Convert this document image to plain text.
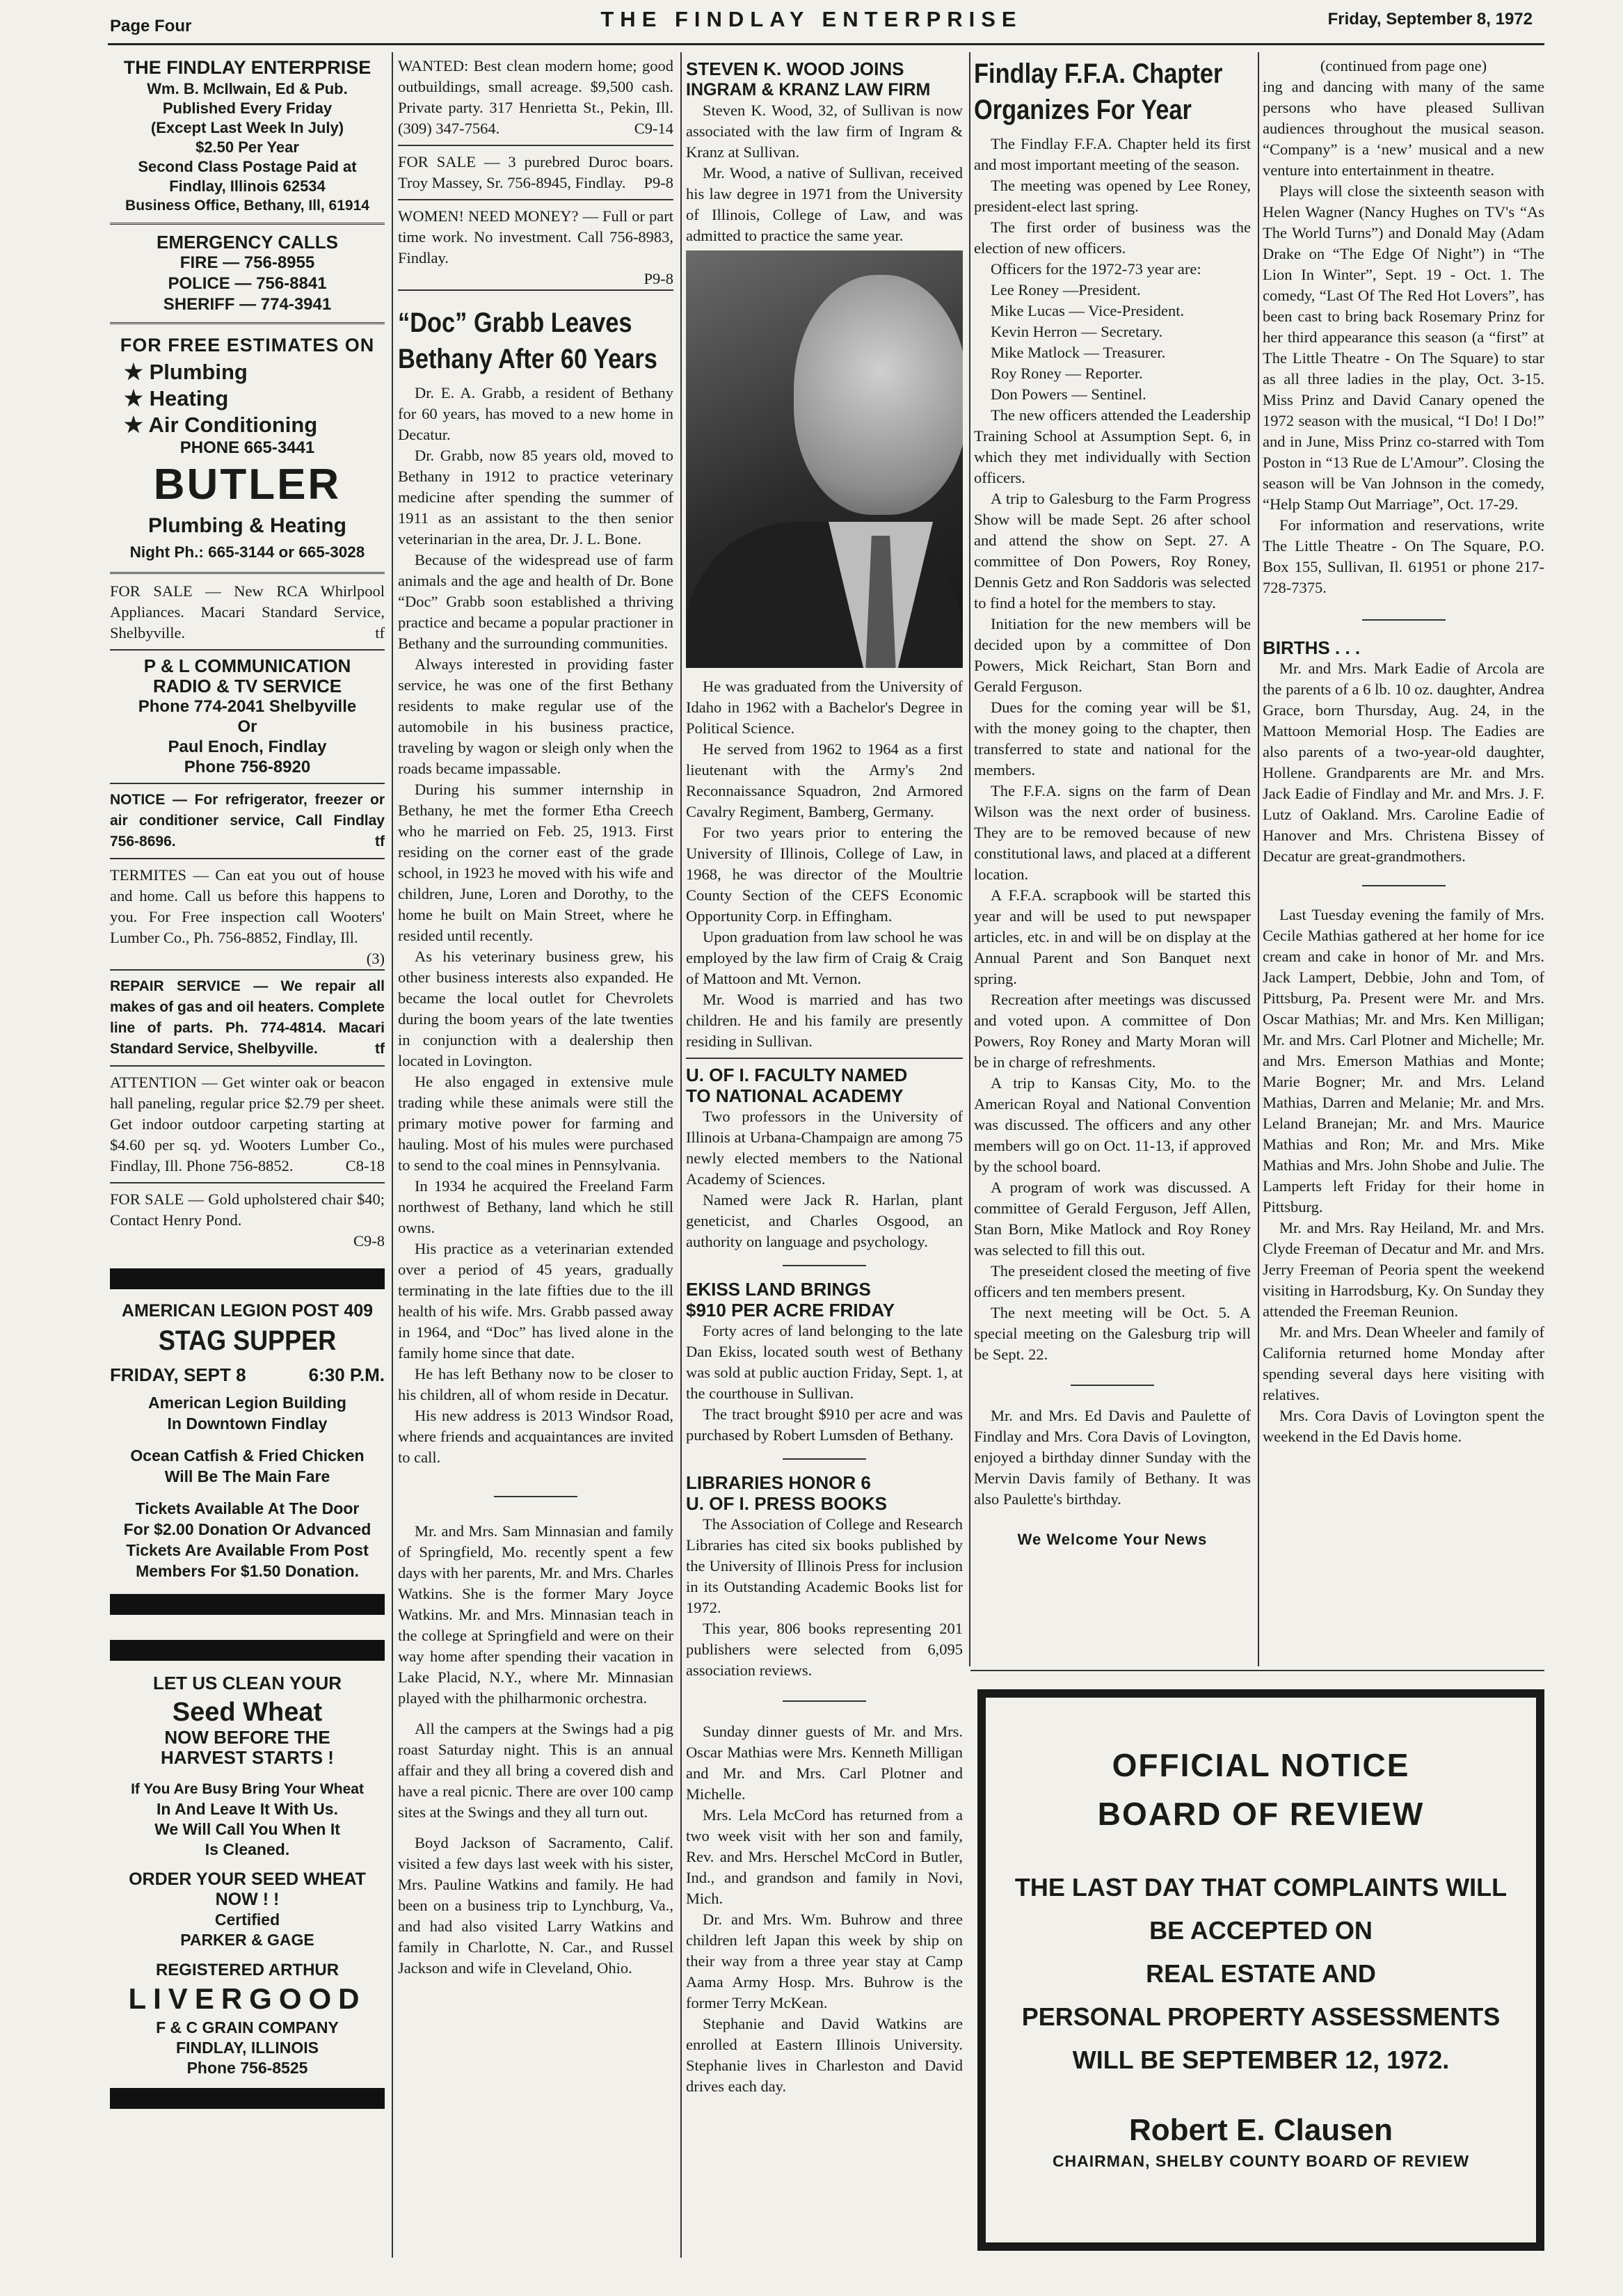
Page Four	THE FINDLAY ENTERPRISE	Friday, September 8, 1972
THE FINDLAY ENTERPRISE
Wm. B. McIlwain, Ed & Pub.
Published Every Friday
(Except Last Week In July)
$2.50 Per Year
Second Class Postage Paid at
Findlay, Illinois 62534
Business Office, Bethany, Ill, 61914
EMERGENCY CALLS
FIRE — 756-8955
POLICE — 756-8841
SHERIFF — 774-3941
FOR FREE ESTIMATES ON
★ Plumbing
★ Heating
★ Air Conditioning
PHONE 665-3441
BUTLER
Plumbing & Heating
Night Ph.: 665-3144 or 665-3028

FOR SALE — New RCA Whirlpool Appliances. Macari Standard Service, Shelbyville.	tf

P & L COMMUNICATION
RADIO & TV SERVICE
Phone 774-2041 Shelbyville
Or
Paul Enoch, Findlay
Phone 756-8920

NOTICE — For refrigerator, freezer or air conditioner service, Call Findlay 756-8696.	tf

TERMITES — Can eat you out of house and home. Call us before this happens to you. For Free inspection call Wooters' Lumber Co., Ph. 756-8852, Findlay, Ill.

(3)

REPAIR SERVICE — We repair all makes of gas and oil heaters. Complete line of parts. Ph. 774-4814. Macari Standard Service, Shelbyville.	tf

ATTENTION — Get winter oak or beacon hall paneling, regular price $2.79 per sheet. Get indoor outdoor carpeting starting at $4.60 per sq. yd. Wooters Lumber Co., Findlay, Ill. Phone 756-8852.	C8-18

FOR SALE — Gold upholstered chair $40; Contact Henry Pond.

C9-8

AMERICAN LEGION POST 409
STAG SUPPER
FRIDAY, SEPT 8	6:30 P.M.
American Legion Building
In Downtown Findlay
Ocean Catfish & Fried Chicken
Will Be The Main Fare
Tickets Available At The Door
For $2.00 Donation Or Advanced
Tickets Are Available From Post
Members For $1.50 Donation.
LET US CLEAN YOUR
Seed Wheat
NOW BEFORE THE
HARVEST STARTS !
If You Are Busy Bring Your Wheat
In And Leave It With Us.
We Will Call You When It
Is Cleaned.
ORDER YOUR SEED WHEAT
NOW ! !
Certified
PARKER & GAGE
REGISTERED ARTHUR
LIVERGOOD
F & C GRAIN COMPANY
FINDLAY, ILLINOIS
Phone 756-8525

WANTED: Best clean modern home; good outbuildings, small acreage. $9,500 cash. Private party. 317 Henrietta St., Pekin, Ill. (309) 347-7564.	C9-14

FOR SALE — 3 purebred Duroc boars. Troy Massey, Sr. 756-8945, Findlay. P9-8

WOMEN! NEED MONEY? — Full or part time work. No investment. Call 756-8983, Findlay.

P9-8

“Doc” Grabb Leaves
Bethany After 60 Years

Dr. E. A. Grabb, a resident of Bethany for 60 years, has moved to a new home in Decatur.

Dr. Grabb, now 85 years old, moved to Bethany in 1912 to practice veterinary medicine after spending the summer of 1911 as an assistant to the then senior veterinarian in the area, Dr. J. L. Bone.

Because of the widespread use of farm animals and the age and health of Dr. Bone “Doc” Grabb soon established a thriving practice and became a popular practioner in Bethany and the surrounding communities.

Always interested in providing faster service, he was one of the first Bethany residents to make regular use of the automobile in his business practice, traveling by wagon or sleigh only when the roads became impassable.

During his summer internship in Bethany, he met the former Etha Creech who he married on Feb. 25, 1913. First residing on the corner east of the grade school, in 1923 he moved with his wife and children, June, Loren and Dorothy, to the home he built on Main Street, where he resided until recently.

As his veterinary business grew, his other business interests also expanded. He became the local outlet for Chevrolets during the boom years of the late twenties in conjunction with a dealership then located in Lovington.

He also engaged in extensive mule trading while these animals were still the primary motive power for farming and hauling. Most of his mules were purchased to send to the coal mines in Pennsylvania.

In 1934 he acquired the Freeland Farm northwest of Bethany, land which he still owns.

His practice as a veterinarian extended over a period of 45 years, gradually terminating in the late fifties due to the ill health of his wife. Mrs. Grabb passed away in 1964, and “Doc” has lived alone in the family home since that date.

He has left Bethany now to be closer to his children, all of whom reside in Decatur.

His new address is 2013 Windsor Road, where friends and acquaintances are invited to call.

Mr. and Mrs. Sam Minnasian and family of Springfield, Mo. recently spent a few days with her parents, Mr. and Mrs. Charles Watkins. She is the former Mary Joyce Watkins. Mr. and Mrs. Minnasian teach in the college at Springfield and were on their way home after spending their vacation in Lake Placid, N.Y., where Mr. Minnasian played with the philharmonic orchestra.

All the campers at the Swings had a pig roast Saturday night. This is an annual affair and they all bring a covered dish and have a real picnic. There are over 100 camp sites at the Swings and they all turn out.

Boyd Jackson of Sacramento, Calif. visited a few days last week with his sister, Mrs. Pauline Watkins and family. He had been on a business trip to Lynchburg, Va., and had also visited Larry Watkins and family in Charlotte, N. Car., and Russel Jackson and wife in Cleveland, Ohio.

STEVEN K. WOOD JOINS
INGRAM & KRANZ LAW FIRM

Steven K. Wood, 32, of Sullivan is now associated with the law firm of Ingram & Kranz at Sullivan.

Mr. Wood, a native of Sullivan, received his law degree in 1971 from the University of Illinois, College of Law, and was admitted to practice the same year.

He was graduated from the University of Idaho in 1962 with a Bachelor's Degree in Political Science.

He served from 1962 to 1964 as a first lieutenant with the Army's 2nd Reconnaissance Squadron, 2nd Armored Cavalry Regiment, Bamberg, Germany.

For two years prior to entering the University of Illinois, College of Law, in 1968, he was director of the Moultrie County Section of the CEFS Economic Opportunity Corp. in Effingham.

Upon graduation from law school he was employed by the law firm of Craig & Craig of Mattoon and Mt. Vernon.

Mr. Wood is married and has two children. He and his family are presently residing in Sullivan.

U. OF I. FACULTY NAMED
TO NATIONAL ACADEMY

Two professors in the University of Illinois at Urbana-Champaign are among 75 newly elected members to the National Academy of Sciences.

Named were Jack R. Harlan, plant geneticist, and Charles Osgood, an authority on language and psychology.

EKISS LAND BRINGS
$910 PER ACRE FRIDAY

Forty acres of land belonging to the late Dan Ekiss, located south west of Bethany was sold at public auction Friday, Sept. 1, at the courthouse in Sullivan.

The tract brought $910 per acre and was purchased by Robert Lumsden of Bethany.

LIBRARIES HONOR 6
U. OF I. PRESS BOOKS

The Association of College and Research Libraries has cited six books published by the University of Illinois Press for inclusion in its Outstanding Academic Books list for 1972.

This year, 806 books representing 201 publishers were selected from 6,095 association reviews.

Sunday dinner guests of Mr. and Mrs. Oscar Mathias were Mrs. Kenneth Milligan and Mr. and Mrs. Carl Plotner and Michelle.

Mrs. Lela McCord has returned from a two week visit with her son and family, Rev. and Mrs. Herschel McCord in Butler, Ind., and grandson and family in Novi, Mich.

Dr. and Mrs. Wm. Buhrow and three children left Japan this week by ship on their way from a three year stay at Camp Aama Army Hosp. Mrs. Buhrow is the former Terry McKean.

Stephanie and David Watkins are enrolled at Eastern Illinois University. Stephanie lives in Charleston and David drives each day.

Findlay F.F.A. Chapter
Organizes For Year

The Findlay F.F.A. Chapter held its first and most important meeting of the season.

The meeting was opened by Lee Roney, president-elect last spring.

The first order of business was the election of new officers.

Officers for the 1972-73 year are:

Lee Roney —President.
Mike Lucas — Vice-President.
Kevin Herron — Secretary.
Mike Matlock — Treasurer.
Roy Roney — Reporter.
Don Powers — Sentinel.

The new officers attended the Leadership Training School at Assumption Sept. 6, in which they met individually with Section officers.

A trip to Galesburg to the Farm Progress Show will be made Sept. 26 after school and attend the show on Sept. 27. A committee of Don Powers, Roy Roney, Dennis Getz and Ron Saddoris was selected to find a hotel for the members to stay.

Initiation for the new members will be decided upon by a committee of Don Powers, Mick Reichart, Stan Born and Gerald Ferguson.

Dues for the coming year will be $1, with the money going to the chapter, then transferred to state and national for the members.

The F.F.A. signs on the farm of Dean Wilson was the next order of business. They are to be removed because of new constitutional laws, and placed at a different location.

A F.F.A. scrapbook will be started this year and will be used to put newspaper articles, etc. in and will be on display at the Annual Parent and Son Banquet next spring.

Recreation after meetings was discussed and voted upon. A committee of Don Powers, Roy Roney and Marty Moran will be in charge of refreshments.

A trip to Kansas City, Mo. to the American Royal and National Convention was discussed. The officers and any other members will go on Oct. 11-13, if approved by the school board.

A program of work was discussed. A committee of Gerald Ferguson, Jeff Allen, Stan Born, Mike Matlock and Roy Roney was selected to fill this out.

The preseident closed the meeting of five officers and ten members present.

The next meeting will be Oct. 5. A special meeting on the Galesburg trip will be Sept. 22.

Mr. and Mrs. Ed Davis and Paulette of Findlay and Mrs. Cora Davis of Lovington, enjoyed a birthday dinner Sunday with the Mervin Davis family of Bethany. It was also Paulette's birthday.

We Welcome Your News
(continued from page one)

ing and dancing with many of the same persons who have pleased Sullivan audiences throughout the musical season. “Company” is a ‘new’ musical and a new venture into entertainment in theatre.

Plays will close the sixteenth season with Helen Wagner (Nancy Hughes on TV's “As The World Turns”) and Donald May (Adam Drake on “The Edge Of Night”) in “The Lion In Winter”, Sept. 19 - Oct. 1. The comedy, “Last Of The Red Hot Lovers”, has been cast to bring back Rosemary Prinz for her third appearance this season (a “first” at The Little Theatre - On The Square) to star as all three ladies in the play, Oct. 3-15. Miss Prinz and David Canary opened the 1972 season with the musical, “I Do! I Do!” and in June, Miss Prinz co-starred with Tom Poston in “13 Rue de L'Amour”. Closing the season will be Van Johnson in the comedy, “Help Stamp Out Marriage”, Oct. 17-29.

For information and reservations, write The Little Theatre - On The Square, P.O. Box 155, Sullivan, Il. 61951 or phone 217-728-7375.

BIRTHS . . .

Mr. and Mrs. Mark Eadie of Arcola are the parents of a 6 lb. 10 oz. daughter, Andrea Grace, born Thursday, Aug. 24, in the Mattoon Memorial Hosp. The Eadies are also parents of a two-year-old daughter, Hollene. Grandparents are Mr. and Mrs. Jack Eadie of Findlay and Mr. and Mrs. J. F. Lutz of Oakland. Mrs. Caroline Eadie of Hanover and Mrs. Christena Bissey of Decatur are great-grandmothers.

Last Tuesday evening the family of Mrs. Cecile Mathias gathered at her home for ice cream and cake in honor of Mr. and Mrs. Jack Lampert, Debbie, John and Tom, of Pittsburg, Pa. Present were Mr. and Mrs. Oscar Mathias; Mr. and Mrs. Ken Milligan; Mr. and Mrs. Carl Plotner and Michelle; Mr. and Mrs. Emerson Mathias and Monte; Marie Bogner; Mr. and Mrs. Leland Mathias, Darren and Melanie; Mr. and Mrs. Leland Branejan; Mr. and Mrs. Maurice Mathias and Ron; Mr. and Mrs. Mike Mathias and Mrs. John Shobe and Julie. The Lamperts left Friday for their home in Pittsburg.

Mr. and Mrs. Ray Heiland, Mr. and Mrs. Clyde Freeman of Decatur and Mr. and Mrs. Jerry Freeman of Peoria spent the weekend visiting in Harrodsburg, Ky. On Sunday they attended the Freeman Reunion.

Mr. and Mrs. Dean Wheeler and family of California returned home Monday after spending several days here visiting with relatives.

Mrs. Cora Davis of Lovington spent the weekend in the Ed Davis home.

OFFICIAL NOTICE
BOARD OF REVIEW
THE LAST DAY THAT COMPLAINTS WILL
BE ACCEPTED ON
REAL ESTATE AND
PERSONAL PROPERTY ASSESSMENTS
WILL BE SEPTEMBER 12, 1972.
Robert E. Clausen
CHAIRMAN, SHELBY COUNTY BOARD OF REVIEW
